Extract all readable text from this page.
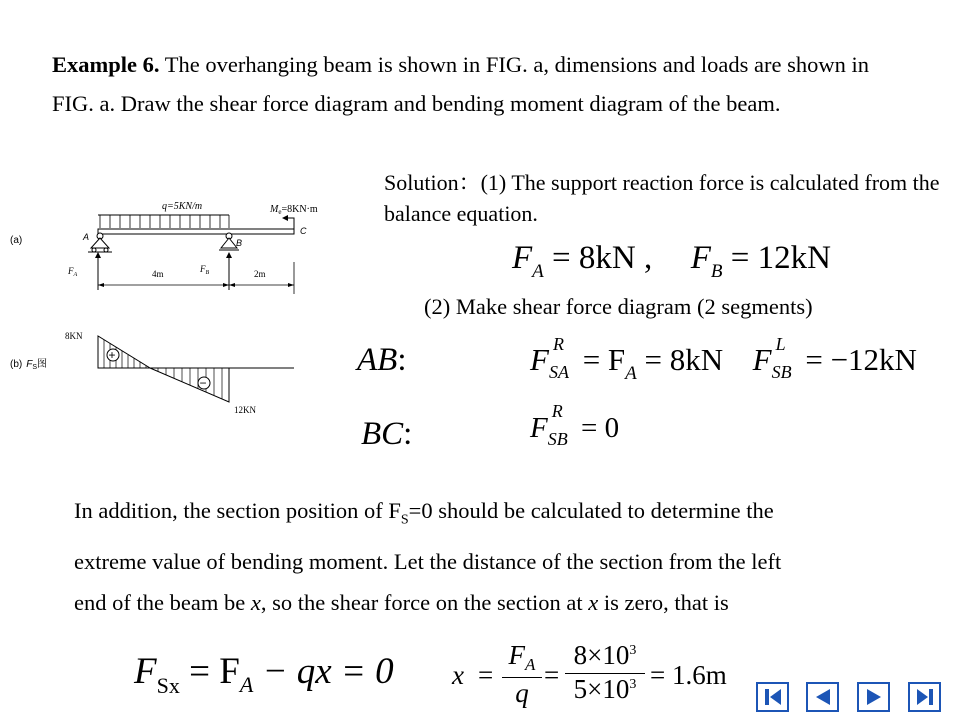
Example 6. The overhanging beam is shown in FIG. a, dimensions and loads are shown in FIG. a. Draw the shear force diagram and bending moment diagram of the beam.
(a)
q=5KN/m	$M_e=8KN\cdot m$
C
A
B
$F_A$
$F_B$
4m	2m
(b) $F_S$图
8KN
12KN
+
−
Solution：(1) The support reaction force is calculated from the balance equation.
$F_A = 8kN$ , $F_B = 12kN$
(2) Make shear force diagram (2 segments)
AB:	F R
SA = $F_A = 8kN$ F L
SB = −12kN
BC:	F
R
SB = 0
In addition, the section position of $F_S=0$ should be calculated to determine the
extreme value of bending moment. Let the distance of the section from the left
end of the beam be x, so the shear force on the section at x is zero, that is
$F_{Sx} = F_A$ − qx = 0 x =
$F_A$
q
=
$8\times 10^3$
$5\times 10^3 = 1.6m$
